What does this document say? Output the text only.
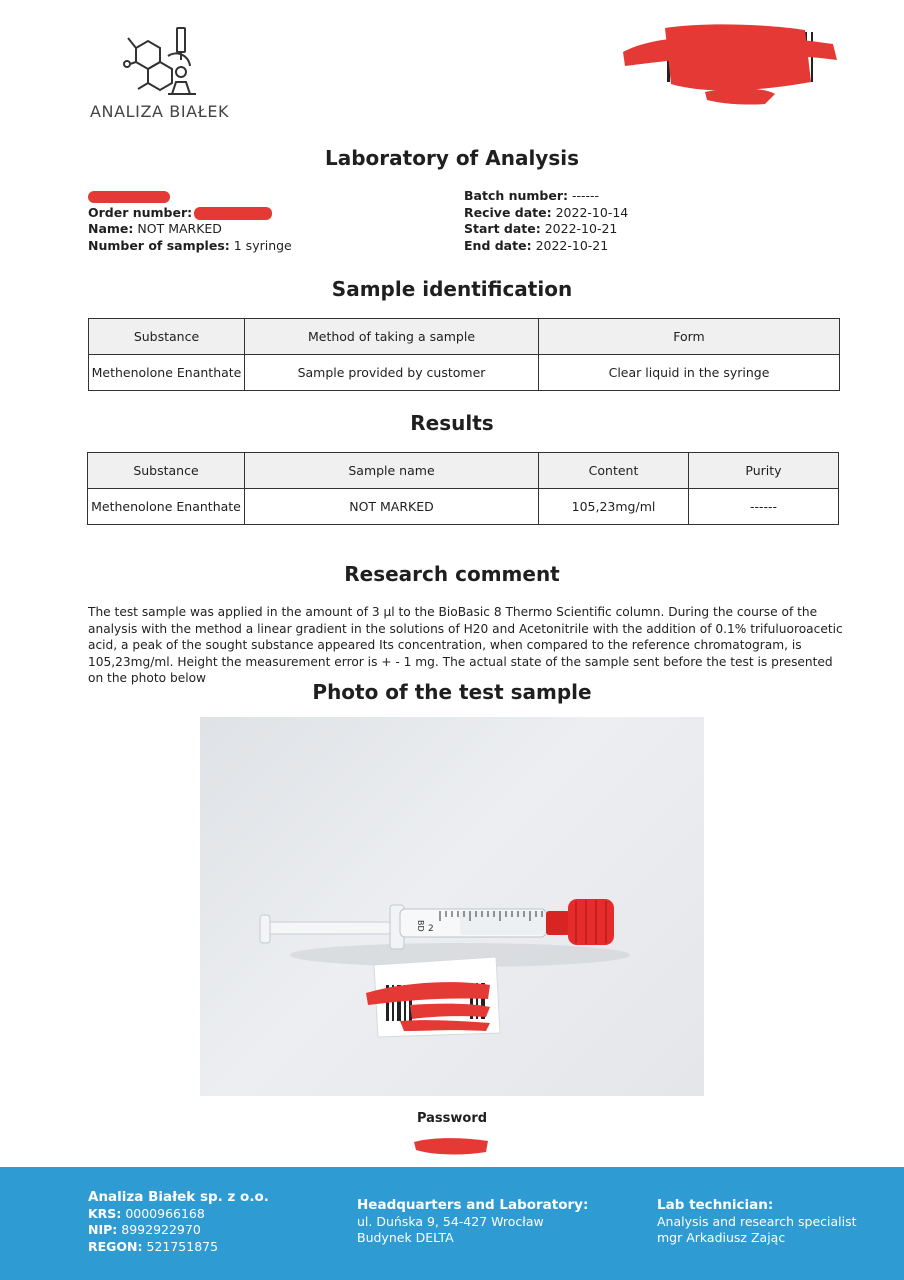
ANALIZA BIAŁEK
Laboratory of Analysis
Order number:
Name: NOT MARKED
Number of samples: 1 syringe
Batch number: ------
Recive date: 2022-10-14
Start date: 2022-10-21
End date: 2022-10-21
Sample identification
Substance	Method of taking a sample	Form
Methenolone Enanthate	Sample provided by customer	Clear liquid in the syringe
Results
Substance	Sample name	Content	Purity
Methenolone Enanthate	NOT MARKED	105,23mg/ml	------
Research comment
The test sample was applied in the amount of 3 µl to the BioBasic 8 Thermo Scientific column. During the course of the
analysis with the method a linear gradient in the solutions of H20 and Acetonitrile with the addition of 0.1% trifuluoroacetic
acid, a peak of the sought substance appeared Its concentration, when compared to the reference chromatogram, is
105,23mg/ml. Height the measurement error is + - 1 mg. The actual state of the sample sent before the test is presented
on the photo below
Photo of the test sample
BD 2
Password
Analiza Białek sp. z o.o.
KRS: 0000966168
NIP: 8992922970
REGON: 521751875
Headquarters and Laboratory:
ul. Duńska 9, 54-427 Wrocław
Budynek DELTA
Lab technician:
Analysis and research specialist
mgr Arkadiusz Zając
